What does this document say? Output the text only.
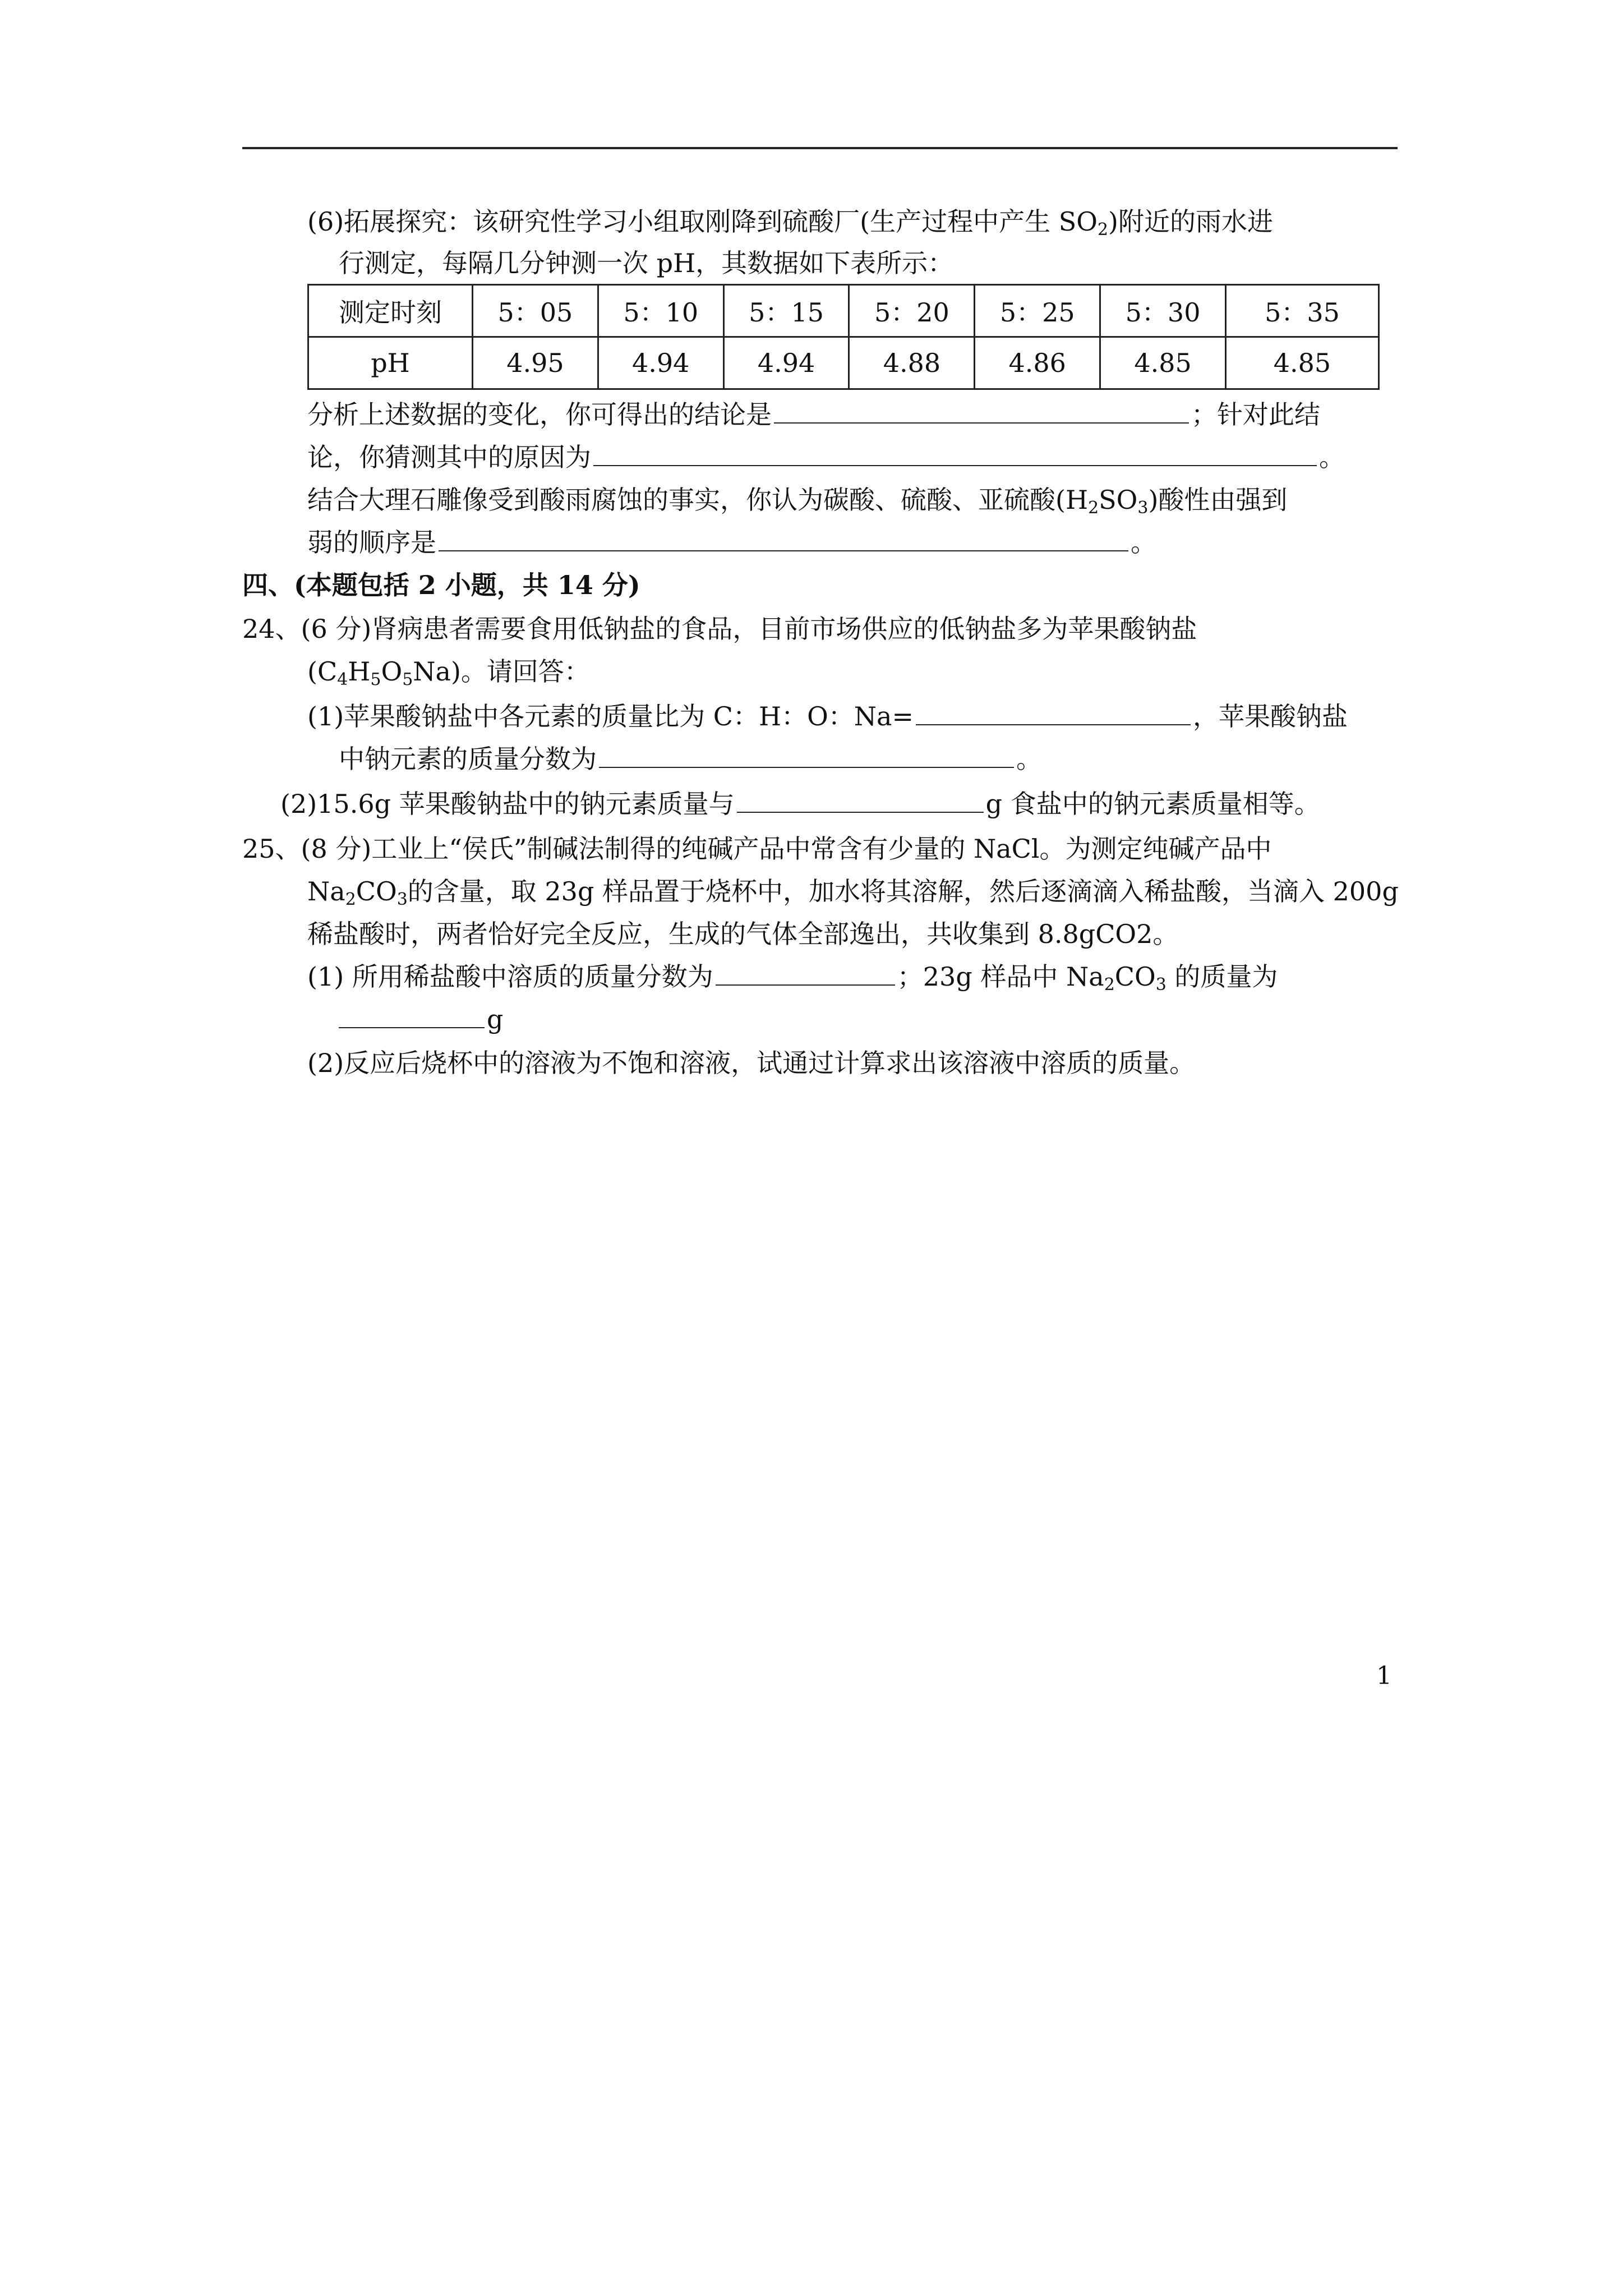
(6)拓展探究：该研究性学习小组取刚降到硫酸厂(生产过程中产生 $SO_2$)附近的雨水进
行测定，每隔几分钟测一次 pH，其数据如下表所示：
测定时刻	5：05	5：10	5：15	5：20	5：25	5：30	5：35
pH	4.95	4.94	4.94	4.88	4.86	4.85	4.85
分析上述数据的变化，你可得出的结论是	；针对此结
论，你猜测其中的原因为	。
结合大理石雕像受到酸雨腐蚀的事实，你认为碳酸、硫酸、亚硫酸$(H_2SO_3)$酸性由强到
弱的顺序是	。
四、(本题包括 2 小题，共 14 分)
24、(6 分)肾病患者需要食用低钠盐的食品，目前市场供应的低钠盐多为苹果酸钠盐
$(C_4H_5O_5Na)$。请回答：
(1)苹果酸钠盐中各元素的质量比为 C：H：O：Na=	，苹果酸钠盐
中钠元素的质量分数为	。
(2)15.6g 苹果酸钠盐中的钠元素质量与	g 食盐中的钠元素质量相等。
25、(8 分)工业上“侯氏”制碱法制得的纯碱产品中常含有少量的 NaCl。为测定纯碱产品中
$Na_2CO_3$的含量，取 23g 样品置于烧杯中，加水将其溶解，然后逐滴滴入稀盐酸，当滴入 200g
稀盐酸时，两者恰好完全反应，生成的气体全部逸出，共收集到 8.8gCO2。
(1) 所用稀盐酸中溶质的质量分数为	；23g 样品中 $Na_2CO_3$ 的质量为
g
(2)反应后烧杯中的溶液为不饱和溶液，试通过计算求出该溶液中溶质的质量。
1
